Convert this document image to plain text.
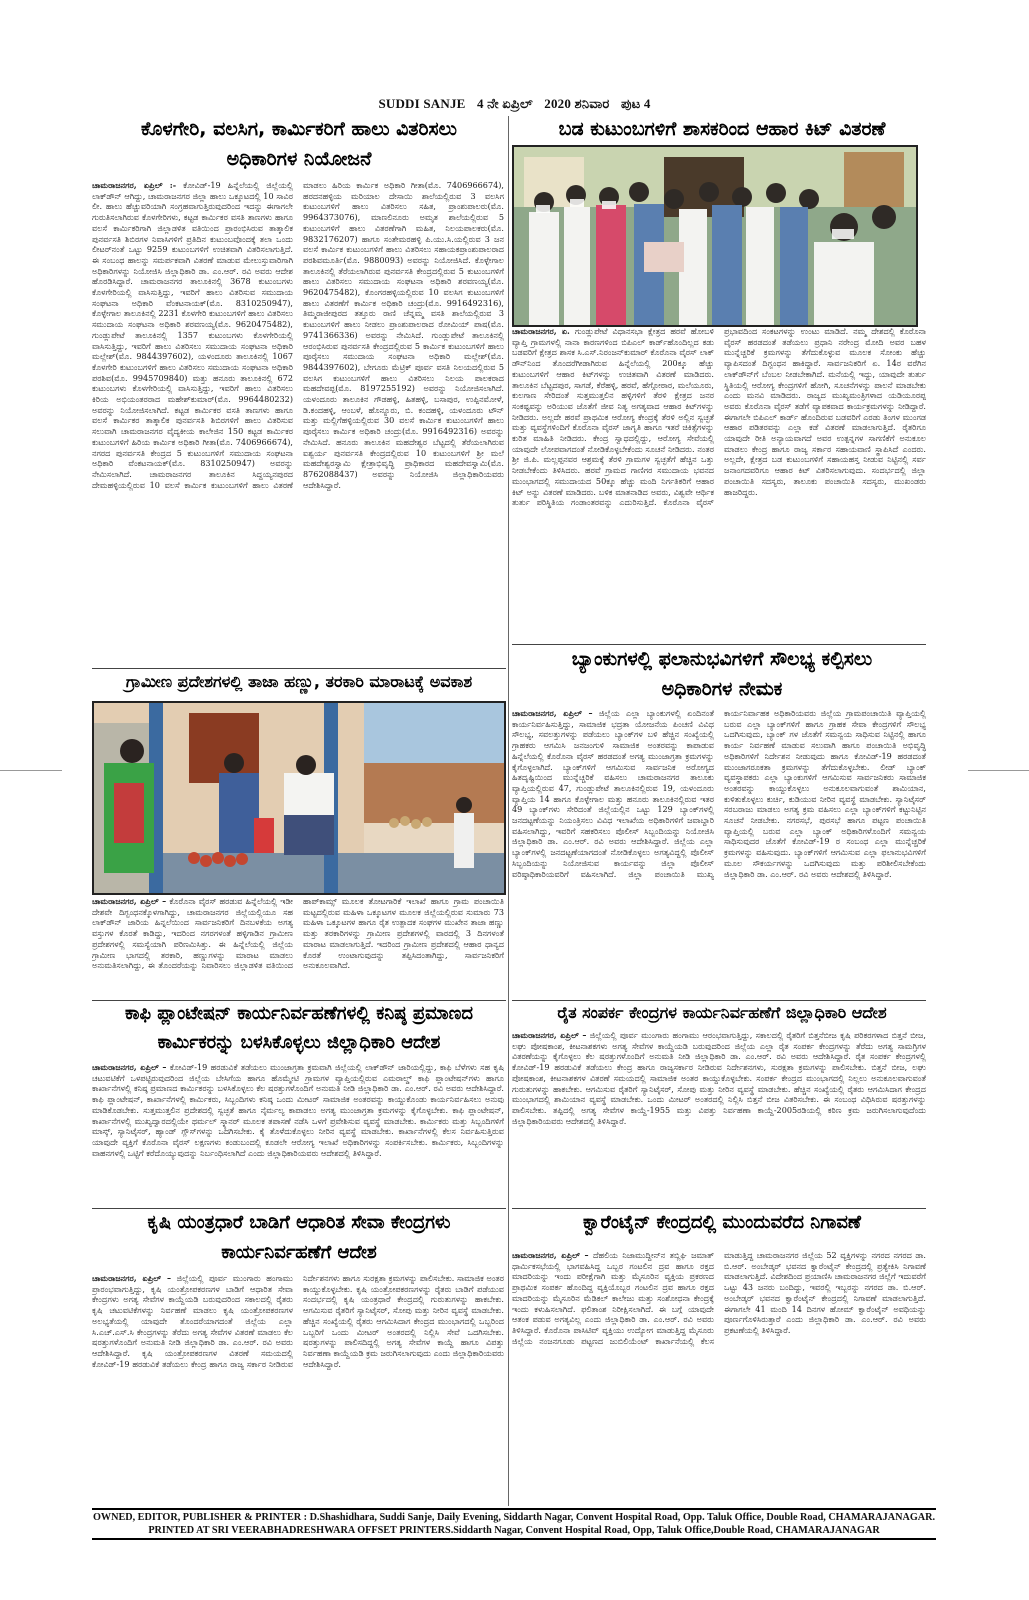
SUDDI SANJE 4 ನೇ ಏಪ್ರಿಲ್ 2020 ಶನಿವಾರ ಪುಟ 4
ಕೊಳಗೇರಿ, ವಲಸಿಗ, ಕಾರ್ಮಿಕರಿಗೆ ಹಾಲು ವಿತರಿಸಲು
ಅಧಿಕಾರಿಗಳ ನಿಯೋಜನೆ
ಚಾಮರಾಜನಗರ, ಏಪ್ರಿಲ್ :- ಕೋವಿಡ್-19 ಹಿನ್ನೆಲೆಯಲ್ಲಿ ಜಿಲ್ಲೆಯಲ್ಲಿ ಲಾಕ್‌ಡೌನ್ ಆಗಿದ್ದು, ಚಾಮರಾಜನಗರ ಜಿಲ್ಲಾ ಹಾಲು ಒಕ್ಕೂಟದಲ್ಲಿ 10 ಸಾವಿರ ಲೀ. ಹಾಲು ಹೆಚ್ಚುವರಿಯಾಗಿ ಸಂಗ್ರಹವಾಗುತ್ತಿರುವುದರಿಂದ ಇದನ್ನು ಈಗಾಗಲೇ ಗುರುತಿಸಲಾಗಿರುವ ಕೊಳಗೇರಿಗಳು, ಕಟ್ಟಡ ಕಾರ್ಮಿಕರ ವಸತಿ ತಾಣಗಳು ಹಾಗೂ ವಲಸೆ ಕಾರ್ಮಿಕರಿಗಾಗಿ ಜಿಲ್ಲಾಡಳಿತ ವತಿಯಿಂದ ಪ್ರಾರಂಭಿಸಿರುವ ತಾತ್ಕಾಲಿಕ ಪುನರ್ವಸತಿ ಶಿಬಿರಗಳ ನಿವಾಸಿಗಳಿಗೆ ಪ್ರತಿದಿನ ಕುಟುಂಬವೊಂದಕ್ಕೆ ತಲಾ ಒಂದು ಲೀಟರ್‌ನಂತೆ ಒಟ್ಟು 9259 ಕುಟುಂಬಗಳಿಗೆ ಉಚಿತವಾಗಿ ವಿತರಿಸಲಾಗುತ್ತಿದೆ. ಈ ಸಂಬಂಧ ಹಾಲನ್ನು ಸಮರ್ಪಕವಾಗಿ ವಿತರಣೆ ಮಾಡುವ ಮೇಲುಸ್ತುವಾರಿಗಾಗಿ ಅಧಿಕಾರಿಗಳನ್ನು ನಿಯೋಜಿಸಿ ಜಿಲ್ಲಾಧಿಕಾರಿ ಡಾ. ಎಂ.ಆರ್. ರವಿ ಅವರು ಆದೇಶ ಹೊರಡಿಸಿದ್ದಾರೆ. ಚಾಮರಾಜನಗರ ತಾಲೂಕಿನಲ್ಲಿ 3678 ಕುಟುಂಬಗಳು ಕೊಳಗೇರಿಯಲ್ಲಿ ವಾಸಿಸುತ್ತಿದ್ದು, ಇವರಿಗೆ ಹಾಲು ವಿತರಿಸುವ ಸಮುದಾಯ ಸಂಘಟನಾ ಅಧಿಕಾರಿ ವೆಂಕಟನಾಯಕ್(ಮೊ. 8310250947), ಕೊಳ್ಳೇಗಾಲ ತಾಲೂಕಿನಲ್ಲಿ 2231 ಕೊಳಗೇರಿ ಕುಟುಂಬಗಳಿಗೆ ಹಾಲು ವಿತರಿಸಲು ಸಮುದಾಯ ಸಂಘಟನಾ ಅಧಿಕಾರಿ ಶರವಣಯ್ಯ(ಮೊ. 9620475482), ಗುಂಡ್ಲುಪೇಟೆ ತಾಲೂಕಿನಲ್ಲಿ 1357 ಕುಟುಂಬಗಳು ಕೊಳಗೇರಿಯಲ್ಲಿ ವಾಸಿಸುತ್ತಿದ್ದು, ಇವರಿಗೆ ಹಾಲು ವಿತರಿಸಲು ಸಮುದಾಯ ಸಂಘಟನಾ ಅಧಿಕಾರಿ ಮಲ್ಲೇಶ್(ಮೊ. 9844397602), ಯಳಂದೂರು ತಾಲೂಕಿನಲ್ಲಿ 1067 ಕೊಳಗೇರಿ ಕುಟುಂಬಗಳಿಗೆ ಹಾಲು ವಿತರಿಸಲು ಸಮುದಾಯ ಸಂಘಟನಾ ಅಧಿಕಾರಿ ಪರಶಿವ(ಮೊ. 9945709840) ಮತ್ತು ಹನೂರು ತಾಲೂಕಿನಲ್ಲಿ 672 ಕುಟುಂಬಗಳು ಕೊಳಗೇರಿಯಲ್ಲಿ ವಾಸಿಸುತ್ತಿದ್ದು, ಇವರಿಗೆ ಹಾಲು ವಿತರಿಸಲು ಕಿರಿಯ ಅಭಿಯಂತರರಾದ ಮಹೇಶ್‌ಕುಮಾರ್(ಮೊ. 9964480232) ಅವರನ್ನು ನಿಯೋಜಿಸಲಾಗಿದೆ. ಕಟ್ಟಡ ಕಾರ್ಮಿಕರ ವಸತಿ ತಾಣಗಳು ಹಾಗೂ ವಲಸೆ ಕಾರ್ಮಿಕರ ತಾತ್ಕಾಲಿಕ ಪುನರ್ವಸತಿ ಶಿಬಿರಗಳಿಗೆ ಹಾಲು ವಿತರಿಸುವ ಸಲುವಾಗಿ ಚಾಮರಾಜನಗರ ವೈದ್ಯಕೀಯ ಕಾಲೇಜಿನ 150 ಕಟ್ಟಡ ಕಾರ್ಮಿಕರ ಕುಟುಂಬಗಳಿಗೆ ಹಿರಿಯ ಕಾರ್ಮಿಕ ಅಧಿಕಾರಿ ಗೀತಾ(ಮೊ. 7406966674), ನಗರದ ಪುನರ್ವಸತಿ ಕೇಂದ್ರದ 5 ಕುಟುಂಬಗಳಿಗೆ ಸಮುದಾಯ ಸಂಘಟನಾ ಅಧಿಕಾರಿ ವೆಂಕಟನಾಯಕ್(ಮೊ. 8310250947) ಅವರನ್ನು ನೇಮಿಸಲಾಗಿದೆ. ಚಾಮರಾಜನಗರ ತಾಲೂಕಿನ ಸಿದ್ದಯ್ಯನಪುರದ ದೇಮಹಳ್ಳಿಯಲ್ಲಿರುವ 10 ವಲಸೆ ಕಾರ್ಮಿಕ ಕುಟುಂಬಗಳಿಗೆ ಹಾಲು ವಿತರಣೆ ಮಾಡಲು ಹಿರಿಯ ಕಾರ್ಮಿಕ ಅಧಿಕಾರಿ ಗೀತಾ(ಮೊ. 7406966674), ಹರದನಹಳ್ಳಿಯ ಮರಿಯಾಲ ದೇಸಾಯಿ ಶಾಲೆಯಲ್ಲಿರುವ 3 ವಲಸಿಗ ಕುಟುಂಬಗಳಿಗೆ ಹಾಲು ವಿತರಿಸಲು ಸಹಿತ, ಪ್ರಾಂಶುಪಾಲರು(ಮೊ. 9964373076), ಮಾಣಲಿನೂರು ಅಮೃತ ಶಾಲೆಯಲ್ಲಿರುವ 5 ಕುಟುಂಬಗಳಿಗೆ ಹಾಲು ವಿತರಣೆಗಾಗಿ ಮಹಿತ, ನಿಲಯಪಾಲಕರು(ಮೊ. 9832176207) ಹಾಗೂ ಸಂತೇಮರಹಳ್ಳಿ ಪಿ.ಯು.ಸಿ.ಯಲ್ಲಿರುವ 3 ಜನ ವಲಸೆ ಕಾರ್ಮಿಕ ಕುಟುಂಬಗಳಿಗೆ ಹಾಲು ವಿತರಿಸಲು ಸಹಾಯಕಪ್ರಾಂಶುಪಾಲರಾದ ಪರಶಿವಮೂರ್ತಿ(ಮೊ. 9880093) ಅವರನ್ನು ನಿಯೋಜಿಸಿದೆ. ಕೊಳ್ಳೇಗಾಲ ತಾಲೂಕಿನಲ್ಲಿ ತೆರೆಯಲಾಗಿರುವ ಪುನರ್ವಸತಿ ಕೇಂದ್ರದಲ್ಲಿರುವ 5 ಕುಟುಂಬಗಳಿಗೆ ಹಾಲು ವಿತರಿಸಲು ಸಮುದಾಯ ಸಂಘಟನಾ ಅಧಿಕಾರಿ ಶರವಣಯ್ಯ(ಮೊ. 9620475482), ಕೊಂಗರಹಳ್ಳಿಯಲ್ಲಿರುವ 10 ವಲಸಿಗ ಕುಟುಂಬಗಳಿಗೆ ಹಾಲು ವಿತರಣೆಗೆ ಕಾರ್ಮಿಕ ಅಧಿಕಾರಿ ಚಂದ್ರು(ಮೊ. 9916492316), ತಿಮ್ಮರಾಜೀಪುರದ ತತ್ತೂರು ರಾಣಿ ಚೆನ್ನಮ್ಮ ವಸತಿ ಶಾಲೆಯಲ್ಲಿರುವ 3 ಕುಟುಂಬಗಳಿಗೆ ಹಾಲು ನೀಡಲು ಪ್ರಾಂಶುಪಾಲರಾದ ರೋಮಿಯ್ ಪಾಷ(ಮೊ. 9741366336) ಅವರನ್ನು ನೇಮಿಸಿದೆ. ಗುಂಡ್ಲುಪೇಟೆ ತಾಲೂಕಿನಲ್ಲಿ ಆರಂಭಿಸಿರುವ ಪುನರ್ವಸತಿ ಕೇಂದ್ರದಲ್ಲಿರುವ 5 ಕಾರ್ಮಿಕ ಕುಟುಂಬಗಳಿಗೆ ಹಾಲು ಪೂರೈಸಲು ಸಮುದಾಯ ಸಂಘಟನಾ ಅಧಿಕಾರಿ ಮಲ್ಲೇಶ್(ಮೊ. 9844397602), ಬೇಗೂರು ಮೆಟ್ರಿಕ್ ಪೂರ್ವ ವಸತಿ ನಿಲಯದಲ್ಲಿರುವ 5 ವಲಸಿಗ ಕುಟುಂಬಗಳಿಗೆ ಹಾಲು ವಿತರಿಸಲು ನಿಲಯ ಪಾಲಕರಾದ ಮಹದೇವಪ್ಪ(ಮೊ. 8197255192) ಅವರನ್ನು ನಿಯೋಜಿಸಲಾಗಿದೆ. ಯಳಂದೂರು ತಾಲೂಕಿನ ಗೌಡಹಳ್ಳಿ, ಹಿತಹಳ್ಳಿ, ಬಸಾಪುರ, ಉಪ್ಪಿನಮೋಳೆ, ಡಿ.ಕಂದಹಳ್ಳಿ, ಆಂಬಳೆ, ಹೊನ್ನೂರು, ಬಿ. ಕಂದಹಳ್ಳಿ, ಯಳಂದೂರು ಟೌನ್ ಮತ್ತು ಮಲ್ಲಿಗೆಹಳ್ಳಿಯಲ್ಲಿರುವ 30 ವಲಸೆ ಕಾರ್ಮಿಕ ಕುಟುಂಬಗಳಿಗೆ ಹಾಲು ಪೂರೈಸಲು ಕಾರ್ಮಿಕ ಅಧಿಕಾರಿ ಚಂದ್ರು(ಮೊ. 9916492316) ಅವರನ್ನು ನೇಮಿಸಿದೆ. ಹನೂರು ತಾಲೂಕಿನ ಮಹದೇಶ್ವರ ಬೆಟ್ಟದಲ್ಲಿ ತೆರೆಯಲಾಗಿರುವ ಐಶ್ವರ್ಯ ಪುನರ್ವಸತಿ ಕೇಂದ್ರದಲ್ಲಿರುವ 10 ಕುಟುಂಬಗಳಿಗೆ ಶ್ರೀ ಮಲೆ ಮಹದೇಶ್ವರಸ್ವಾಮಿ ಕ್ಷೇತ್ರಾಭಿವೃದ್ಧಿ ಪ್ರಾಧಿಕಾರದ ಮಹದೇವಸ್ವಾಮಿ(ಮೊ. 8762088437) ಅವರನ್ನು ನಿಯೋಜಿಸಿ ಜಿಲ್ಲಾಧಿಕಾರಿಯವರು ಆದೇಶಿಸಿದ್ದಾರೆ.
ಬಡ ಕುಟುಂಬಗಳಿಗೆ ಶಾಸಕರಿಂದ ಆಹಾರ ಕಿಟ್ ವಿತರಣೆ
ಚಾಮರಾಜನಗರ, ಏ. ಗುಂಡ್ಲುಪೇಟೆ ವಿಧಾನಸಭಾ ಕ್ಷೇತ್ರದ ಹರವೆ ಹೋಬಳಿ ವ್ಯಾಪ್ತಿ ಗ್ರಾಮಗಳಲ್ಲಿ ನಾನಾ ಕಾರಣಗಳಿಂದ ಬಿಪಿಎಲ್ ಕಾರ್ಡ್‌ಹೊಂದಿಲ್ಲದ ಕಡು ಬಡವರಿಗೆ ಕ್ಷೇತ್ರದ ಶಾಸಕ ಸಿ.ಎಸ್.ನಿರಂಜನ್‌ಕುಮಾರ್ ಕೊರೊನಾ ವೈರಸ್ ಲಾಕ್ ಡೌನ್‌ನಿಂದ ತೊಂದರೆಗೀಡಾಗಿರುವ ಹಿನ್ನೆಲೆಯಲ್ಲಿ 200ಕ್ಕೂ ಹೆಚ್ಚು ಕುಟುಂಬಗಳಿಗೆ ಆಹಾರ ಕಿಟ್‌ಗಳನ್ನು ಉಚಿತವಾಗಿ ವಿತರಣೆ ಮಾಡಿದರು. ತಾಲೂಕಿನ ಬೆಟ್ಟದಪುರ, ಸಾಗಡೆ, ಕೆರೆಹಳ್ಳಿ, ಹರವೆ, ಹೆಗ್ಗೋಠಾರ, ಮಲೆಯೂರು, ಕುಲಗಾಣ ಸೇರಿದಂತೆ ಸುತ್ತಮುತ್ತಲಿನ ಹಳ್ಳಿಗಳಿಗೆ ತೆರಳಿ ಕ್ಷೇತ್ರದ ಜನರ ಸಂಕಷ್ಟವನ್ನು ಅರಿಯುವ ಜೊತೆಗೆ ಜೀವ ನಿತ್ಯ ಅಗತ್ಯವಾದ ಆಹಾರ ಕಿಟ್‌ಗಳನ್ನು ನೀಡಿದರು. ಅಲ್ಲದೇ ಹರವೆ ಪ್ರಾಥಮಿಕ ಆರೋಗ್ಯ ಕೇಂದ್ರಕ್ಕೆ ತೆರಳಿ ಅಲ್ಲಿನ ಸ್ವಚ್ಛತೆ ಮತ್ತು ವ್ಯವಸ್ಥೆಗಳಿಂದಿಗೆ ಕೊರೊನಾ ವೈರಸ್ ಜಾಗೃತಿ ಹಾಗೂ ಇತರೆ ಚಿಕಿತ್ಸೆಗಳನ್ನು ಕುರಿತ ಮಾಹಿತಿ ನೀಡಿದರು. ಕೇಂದ್ರ ಸ್ವಾಧದಲ್ಲಿದ್ದು, ಆರೋಗ್ಯ ಸೇವೆಯಲ್ಲಿ ಯಾವುದೇ ಲೋಪವಾಗದಂತೆ ನೋಡಿಕೊಳ್ಳಬೇಕೆಂದು ಸೂಚನೆ ನೀಡಿದರು. ನಂತರ ಶ್ರೀ ಜಿ.ಪಿ. ಮಲ್ಲಪ್ಪನವರ ಆಶ್ರಮಕ್ಕೆ ತೆರಳಿ ಗ್ರಾಮಗಳ ಸ್ವಚ್ಛತೆಗೆ ಹೆಚ್ಚಿನ ಒತ್ತು ನೀಡಬೇಕೆಂದು ತಿಳಿಸಿದರು. ಹರವೆ ಗ್ರಾಮದ ಗಾಣಿಗರ ಸಮುದಾಯ ಭವನದ ಮುಂಭಾಗದಲ್ಲಿ ಸಮುದಾಯದ 50ಕ್ಕೂ ಹೆಚ್ಚು ಮಂದಿ ನಿರ್ಗತಿಕರಿಗೆ ಆಹಾರ ಕಿಟ್ ಅನ್ನು ವಿತರಣೆ ಮಾಡಿದರು. ಬಳಿಕ ಮಾತನಾಡಿದ ಅವರು, ವಿಶ್ವವೇ ಆರ್ಥಿಕ ತುರ್ತು ಪರಿಸ್ಥಿತಿಯ ಗಂಡಾಂತರವನ್ನು ಎದುರಿಸುತ್ತಿದೆ. ಕೊರೊನಾ ವೈರಸ್ ಪ್ರಭಾವದಿಂದ ಸಂಕಟಗಳನ್ನು ಉಂಟು ಮಾಡಿದೆ. ನಮ್ಮ ದೇಶದಲ್ಲಿ ಕೊರೊನಾ ವೈರಸ್ ಹರಡದಂತೆ ತಡೆಯಲು ಪ್ರಧಾನಿ ನರೇಂದ್ರ ಮೋದಿ ಅವರ ಬಹಳ ಮುನ್ನೆಚ್ಚರಿಕೆ ಕ್ರಮಗಳನ್ನು ತೆಗೆದುಕೊಳ್ಳುವ ಮೂಲಕ ಸೋಂಕು ಹೆಚ್ಚು ವ್ಯಾಪಿಸದಂತೆ ದಿಗ್ಬಂಧನ ಹಾಕಿದ್ದಾರೆ. ಸಾರ್ವಜನಿಕರಿಗೆ ಏ. 14ರ ವರೆಗಿನ ಲಾಕ್‌ಡೌನ್‌ಗೆ ಬೆಂಬಲ ನೀಡಬೇಕಾಗಿದೆ. ಮನೆಯಲ್ಲಿ ಇದ್ದು, ಯಾವುದೇ ತುರ್ತು ಸ್ಥಿತಿಯಲ್ಲಿ ಆರೋಗ್ಯ ಕೇಂದ್ರಗಳಿಗೆ ಹೋಗಿ, ಸೂಚನೆಗಳನ್ನು ಪಾಲನೆ ಮಾಡಬೇಕು ಎಂದು ಮನವಿ ಮಾಡಿದರು. ರಾಜ್ಯದ ಮುಖ್ಯಮಂತ್ರಿಗಳಾದ ಯಡಿಯೂರಪ್ಪ ಅವರು ಕೊರೊನಾ ವೈರಸ್ ತಡೆಗೆ ವ್ಯಾಪಕವಾದ ಕಾರ್ಯಕ್ರಮಗಳನ್ನು ನೀಡಿದ್ದಾರೆ. ಈಗಾಗಲೇ ಬಿಪಿಎಲ್ ಕಾರ್ಡ್ ಹೊಂದಿರುವ ಬಡವರಿಗೆ ಎರಡು ತಿಂಗಳ ಮುಂಗಡ ಆಹಾರ ಪಡಿತರವನ್ನು ಎಲ್ಲಾ ಕಡೆ ವಿತರಣೆ ಮಾಡಲಾಗುತ್ತಿದೆ. ರೈತರಿಗೂ ಯಾವುದೇ ರೀತಿ ಅನ್ಯಾಯವಾಗದೆ ಅವರ ಉತ್ಪನ್ನಗಳ ಸಾಗಣಿಕೆಗೆ ಅನುಕೂಲ ಮಾಡಲು ಕೇಂದ್ರ ಹಾಗೂ ರಾಜ್ಯ ಸರ್ಕಾರ ಸಹಾಯವಾಣಿ ಸ್ಥಾಪಿಸಿದೆ ಎಂದರು. ಅಲ್ಲದೇ, ಕ್ಷೇತ್ರದ ಬಡ ಕುಟುಂಬಗಳಿಗೆ ಸಹಾಯಹಸ್ತ ನೀಡುವ ನಿಟ್ಟಿನಲ್ಲಿ ಸರ್ವ ಜನಾಂಗದವರಿಗೂ ಆಹಾರ ಕಿಟ್ ವಿತರಿಸಲಾಗುವುದು. ಸಂದರ್ಭದಲ್ಲಿ ಜಿಲ್ಲಾ ಪಂಚಾಯಿತಿ ಸದಸ್ಯರು, ತಾಲೂಕು ಪಂಚಾಯಿತಿ ಸದಸ್ಯರು, ಮುಖಂಡರು ಹಾಜರಿದ್ದರು.
ಗ್ರಾಮೀಣ ಪ್ರದೇಶಗಳಲ್ಲಿ ತಾಜಾ ಹಣ್ಣು, ತರಕಾರಿ ಮಾರಾಟಕ್ಕೆ ಅವಕಾಶ
ಚಾಮರಾಜನಗರ, ಏಪ್ರಿಲ್ – ಕೊರೊನಾ ವೈರಸ್ ಹರಡುವ ಹಿನ್ನೆಲೆಯಲ್ಲಿ ಇಡೀ ದೇಶವೇ ದಿಗ್ಬಂಧನಕ್ಕೊಳಗಾಗಿದ್ದು, ಚಾಮರಾಜನಗರ ಜಿಲ್ಲೆಯಲ್ಲಿಯೂ ಸಹ ಲಾಕ್‌ಡೌನ್ ಜಾರಿಯ ಹಿನ್ನಲೆಯಿಂದ ಸಾರ್ವಜನಿಕರಿಗೆ ದಿನಬಳಕೆಯ ಅಗತ್ಯ ವಸ್ತುಗಳ ಕೊರತೆ ಕಾಡಿದ್ದು, ಇದರಿಂದ ನಗರಗಳಂತೆ ಹಳ್ಳಿಗಾಡಿನ ಗ್ರಾಮೀಣ ಪ್ರದೇಶಗಳಲ್ಲಿ ಸಮಸ್ಯೆಯಾಗಿ ಪರಿಣಮಿಸಿತ್ತು. ಈ ಹಿನ್ನೆಲೆಯಲ್ಲಿ ಜಿಲ್ಲೆಯ ಗ್ರಾಮೀಣ ಭಾಗದಲ್ಲಿ ತರಕಾರಿ, ಹಣ್ಣುಗಳನ್ನು ಮಾರಾಟ ಮಾಡಲು ಅನುಮತಿಸಲಾಗಿದ್ದು, ಈ ತೊಂದರೆಯನ್ನು ನಿವಾರಿಸಲು ಜಿಲ್ಲಾಡಳಿತ ವತಿಯಿಂದ ಹಾಪ್‌ಕಾಮ್ಸ್ ಮೂಲಕ ತೋಟಗಾರಿಕೆ ಇಲಾಖೆ ಹಾಗೂ ಗ್ರಾಮ ಪಂಚಾಯಿತಿ ಮಟ್ಟದಲ್ಲಿರುವ ಮಹಿಳಾ ಒಕ್ಕೂಟಗಳ ಮೂಲಕ ಜಿಲ್ಲೆಯಲ್ಲಿರುವ ಸುಮಾರು 73 ಮಹಿಳಾ ಒಕ್ಕೂಟಗಳ ಹಾಗೂ ರೈತ ಉತ್ಪಾದಕ ಸಂಘಗಳ ಮುಖೇನ ತಾಜಾ ಹಣ್ಣು ಮತ್ತು ತರಕಾರಿಗಳನ್ನು ಗ್ರಾಮೀಣ ಪ್ರದೇಶಗಳಲ್ಲಿ ವಾರದಲ್ಲಿ 3 ದಿನಗಳಂತೆ ಮಾರಾಟ ಮಾಡಲಾಗುತ್ತಿದೆ. ಇದರಿಂದ ಗ್ರಾಮೀಣ ಪ್ರದೇಶದಲ್ಲಿ ಆಹಾರ ಧಾನ್ಯದ ಕೊರತೆ ಉಂಟಾಗುವುದನ್ನು ತಪ್ಪಿಸಿದಂತಾಗಿದ್ದು, ಸಾರ್ವಜನಿಕರಿಗೆ ಅನುಕೂಲವಾಗಿದೆ.
ಬ್ಯಾಂಕುಗಳಲ್ಲಿ ಫಲಾನುಭವಿಗಳಿಗೆ ಸೌಲಭ್ಯ ಕಲ್ಪಿಸಲು
ಅಧಿಕಾರಿಗಳ ನೇಮಕ
ಚಾಮರಾಜನಗರ, ಏಪ್ರಿಲ್ – ಜಿಲ್ಲೆಯ ಎಲ್ಲಾ ಬ್ಯಾಂಕುಗಳಲ್ಲಿ ಏಂದಿನಂತೆ ಕಾರ್ಯನಿರ್ವಹಿಸುತ್ತಿದ್ದು, ಸಾಮಾಜಿಕ ಭದ್ರತಾ ಯೋಜನೆಯ ಪಿಂಚಣಿ ವಿವಿಧ ಸೌಲಭ್ಯ, ಸವಲತ್ತುಗಳನ್ನು ಪಡೆಯಲು ಬ್ಯಾಂಕ್‌ಗಳ ಬಳಿ ಹೆಚ್ಚಿನ ಸಂಖ್ಯೆಯಲ್ಲಿ ಗ್ರಾಹಕರು ಆಗಮಿಸಿ ಜನಜಂಗುಳಿ ಸಾಮಾಜಿಕ ಅಂತರವನ್ನು ಕಾಪಾಡುವ ಹಿನ್ನೆಲೆಯಲ್ಲಿ ಕೊರೊನಾ ವೈರಸ್ ಹರಡದಂತೆ ಅಗತ್ಯ ಮುಂಜಾಗ್ರತಾ ಕ್ರಮಗಳನ್ನು ಕೈಗೊಳ್ಳಲಾಗಿದೆ. ಬ್ಯಾಂಕ್‌ಗಳಿಗೆ ಆಗಮಿಸುವ ಸಾರ್ವಜನಿಕ ಅರೋಗ್ಯದ ಹಿತದೃಷ್ಟಿಯಿಂದ ಮುನ್ನೆಚ್ಚರಿಕೆ ವಹಿಸಲು ಚಾಮರಾಜನಗರ ತಾಲೂಕು ವ್ಯಾಪ್ತಿಯಲ್ಲಿರುವ 47, ಗುಂಡ್ಲುಪೇಟೆ ತಾಲೂಕಿನಲ್ಲಿರುವ 19, ಯಳಂದೂರು ವ್ಯಾಪ್ತಿಯ 14 ಹಾಗೂ ಕೊಳ್ಳೇಗಾಲ ಮತ್ತು ಹನೂರು ತಾಲೂಕಿನಲ್ಲಿರುವ ಇತರ 49 ಬ್ಯಾಂಕ್‌ಗಳು ಸೇರಿದಂತೆ ಜಿಲ್ಲೆಯಲ್ಲಿನ ಒಟ್ಟು 129 ಬ್ಯಾಂಕ್‌ಗಳಲ್ಲಿ ಜನದಟ್ಟಣೆಯನ್ನು ನಿಯಂತ್ರಿಸಲು ವಿವಿಧ ಇಲಾಖೆಯ ಅಧಿಕಾರಿಗಳಿಗೆ ಜವಾಬ್ದಾರಿ ವಹಿಸಲಾಗಿದ್ದು, ಇವರಿಗೆ ಸಹಕರಿಸಲು ಪೊಲೀಸ್ ಸಿಬ್ಬಂದಿಯನ್ನು ನಿಯೋಜಿಸಿ ಜಿಲ್ಲಾಧಿಕಾರಿ ಡಾ. ಎಂ.ಆರ್. ರವಿ ಅವರು ಆದೇಶಿಸಿದ್ದಾರೆ. ಜಿಲ್ಲೆಯ ಎಲ್ಲಾ ಬ್ಯಾಂಕ್‌ಗಳಲ್ಲಿ ಜನದಟ್ಟಣೆಯಾಗದಂತೆ ನೋಡಿಕೊಳ್ಳಲು ಅಗತ್ಯವಿದ್ದಲ್ಲಿ ಪೊಲೀಸ್ ಸಿಬ್ಬಂದಿಯನ್ನು ನಿಯೋಜಿಸುವ ಕಾರ್ಯವನ್ನು ಜಿಲ್ಲಾ ಪೊಲೀಸ್ ವರಿಷ್ಠಾಧಿಕಾರಿಯವರಿಗೆ ವಹಿಸಲಾಗಿದೆ. ಜಿಲ್ಲಾ ಪಂಚಾಯಿತಿ ಮುಖ್ಯ ಕಾರ್ಯನಿರ್ವಾಹಕ ಅಧಿಕಾರಿಯವರು ಜಿಲ್ಲೆಯ ಗ್ರಾಮಪಂಚಾಯಿತಿ ವ್ಯಾಪ್ತಿಯಲ್ಲಿ ಬರುವ ಎಲ್ಲಾ ಬ್ಯಾಂಕ್‌ಗಳಿಗೆ ಹಾಗೂ ಗ್ರಾಹಕ ಸೇವಾ ಕೇಂದ್ರಗಳಿಗೆ ಸೌಲಭ್ಯ ಒದಗಿಸುವುದು, ಬ್ಯಾಂಕ್ ಗಳ ಜೊತೆಗೆ ಸಮನ್ವಯ ಸಾಧಿಸುವ ನಿಟ್ಟಿನಲ್ಲಿ ಹಾಗೂ ಕಾರ್ಯ ನಿರ್ವಹಣೆ ಮಾಡುವ ಸಲುವಾಗಿ ಹಾಗೂ ಪಂಚಾಯಿತಿ ಅಭಿವೃದ್ಧಿ ಅಧಿಕಾರಿಗಳಿಗೆ ನಿರ್ದೇಶನ ನೀಡುವುದು ಹಾಗೂ ಕೋವಿಡ್-19 ಹರಡದಂತೆ ಮುಂಜಾಗರೂಕತಾ ಕ್ರಮಗಳನ್ನು ತೆಗೆದುಕೊಳ್ಳಬೇಕು. ಲೀಡ್ ಬ್ಯಾಂಕ್ ವ್ಯವಸ್ಥಾಪಕರು ಎಲ್ಲಾ ಬ್ಯಾಂಕುಗಳಿಗೆ ಆಗಮಿಸುವ ಸಾರ್ವಜನಿಕರು ಸಾಮಾಜಿಕ ಅಂತರವನ್ನು ಕಾಯ್ದುಕೊಳ್ಳಲು ಅನುಕೂಲವಾಗುವಂತೆ ಶಾಮಿಯಾನ, ಕುಳಿತುಕೊಳ್ಳಲು ಕುರ್ಚಿ, ಕುಡಿಯುವ ನೀರಿನ ವ್ಯವಸ್ಥೆ ಮಾಡಬೇಕು. ಸ್ಯಾನಿಟೈಸರ್ ಸರಬರಾಜು ಮಾಡಲು ಅಗತ್ಯ ಕ್ರಮ ವಹಿಸಲು ಎಲ್ಲಾ ಬ್ಯಾಂಕ್‌ಗಳಿಗೆ ಕಟ್ಟುನಿಟ್ಟಿನ ಸೂಚನೆ ನೀಡಬೇಕು. ನಗರಸಭೆ, ಪುರಸಭೆ ಹಾಗೂ ಪಟ್ಟಣ ಪಂಚಾಯಿತಿ ವ್ಯಾಪ್ತಿಯಲ್ಲಿ ಬರುವ ಎಲ್ಲಾ ಬ್ಯಾಂಕ್ ಅಧಿಕಾರಿಗಳೊಂದಿಗೆ ಸಮನ್ವಯ ಸಾಧಿಸುವುದರ ಜೊತೆಗೆ ಕೋವಿಡ್-19 ರ ಸಂಬಂಧ ಎಲ್ಲಾ ಮುನ್ನೆಚ್ಚರಿಕೆ ಕ್ರಮಗಳನ್ನು ವಹಿಸುವುದು. ಬ್ಯಾಂಕ್‌ಗಳಿಗೆ ಆಗಮಿಸುವ ಎಲ್ಲಾ ಫಲಾನುಭವಿಗಳಿಗೆ ಮೂಲ ಸೌಕರ್ಯಗಳನ್ನು ಒದಗಿಸುವುದು ಮತ್ತು ಪರಿಶೀಲಿಸಬೇಕೆಂದು ಜಿಲ್ಲಾಧಿಕಾರಿ ಡಾ. ಎಂ.ಆರ್. ರವಿ ಅವರು ಆದೇಶದಲ್ಲಿ ತಿಳಿಸಿದ್ದಾರೆ.
ಕಾಫಿ ಪ್ಲಾಂಟೇಷನ್ ಕಾರ್ಯನಿರ್ವಹಣೆಗಳಲ್ಲಿ ಕನಿಷ್ಠ ಪ್ರಮಾಣದ
ಕಾರ್ಮಿಕರನ್ನು ಬಳಸಿಕೊಳ್ಳಲು ಜಿಲ್ಲಾಧಿಕಾರಿ ಆದೇಶ
ಚಾಮರಾಜನಗರ, ಏಪ್ರಿಲ್ – ಕೋವಿಡ್-19 ಹರಡುವಿಕೆ ತಡೆಯಲು ಮುಂಜಾಗ್ರತಾ ಕ್ರಮವಾಗಿ ಜಿಲ್ಲೆಯಲ್ಲಿ ಲಾಕ್‌ಡೌನ್ ಜಾರಿಯಲ್ಲಿದ್ದು, ಕಾಫಿ ಬೆಳೆಗಳು ಸಹ ಕೃಷಿ ಚಟುವಟಿಕೆಗೆ ಒಳಪಟ್ಟಿರುವುದರಿಂದ ಜಿಲ್ಲೆಯ ಬೇಸಿಗೆಯ ಹಾಗೂ ಹೊಮ್ಮೇಟಿ ಗ್ರಾಮಗಳ ವ್ಯಾಪ್ತಿಯಲ್ಲಿರುವ ಎಮರಾಲ್ಡ್ ಕಾಫಿ ಪ್ಲಾಂಟೇಷನ್‌ಗಳು ಹಾಗೂ ಕಾರ್ಖಾನೆಗಳಲ್ಲಿ ಕನಿಷ್ಠ ಪ್ರಮಾಣದ ಕಾರ್ಮಿಕರನ್ನು ಬಳಸಿಕೊಳ್ಳಲು ಕೆಲ ಷರತ್ತುಗಳೊಂದಿಗೆ ಅನುಮತಿ ನೀಡಿ ಜಿಲ್ಲಾಧಿಕಾರಿ ಡಾ. ಎಂ.ಆರ್. ರವಿ ಅವರು ಆದೇಶಿಸಿದ್ದಾರೆ. ಕಾಫಿ ಪ್ಲಾಂಟೇಷನ್, ಕಾರ್ಖಾನೆಗಳಲ್ಲಿ ಕಾರ್ಮಿಕರು, ಸಿಬ್ಬಂದಿಗಳು ಕನಿಷ್ಠ ಒಂದು ಮೀಟರ್ ಸಾಮಾಜಿಕ ಅಂತರವನ್ನು ಕಾಯ್ದುಕೊಂಡು ಕಾರ್ಯನಿರ್ವಹಿಸಲು ಅನುವು ಮಾಡಿಕೊಡಬೇಕು. ಸುತ್ತಮುತ್ತಲಿನ ಪ್ರದೇಶದಲ್ಲಿ ಸ್ವಚ್ಛತೆ ಹಾಗೂ ನೈರ್ಮಲ್ಯ ಕಾಪಾಡಲು ಅಗತ್ಯ ಮುಂಜಾಗ್ರತಾ ಕ್ರಮಗಳನ್ನು ಕೈಗೊಳ್ಳಬೇಕು. ಕಾಫಿ ಪ್ಲಾಂಟೇಷನ್, ಕಾರ್ಖಾನೆಗಳಲ್ಲಿ ಮುಖ್ಯದ್ವಾರದಲ್ಲಿಯೇ ಥರ್ಮಲ್ ಸ್ಕ್ಯಾನರ್ ಮೂಲಕ ತಪಾಸಣೆ ನಡೆಸಿ ಒಳಗೆ ಪ್ರವೇಶಿಸುವ ವ್ಯವಸ್ಥೆ ಮಾಡಬೇಕು. ಕಾರ್ಮಿಕರು ಮತ್ತು ಸಿಬ್ಬಂದಿಗಳಿಗೆ ಮಾಸ್ಕ್, ಸ್ಯಾನಿಟೈಸರ್, ಹ್ಯಾಂಡ್ ಗ್ಲೌಸ್‌ಗಳನ್ನು ಒದಗಿಸಬೇಕು. ಕೈ ತೊಳೆದುಕೊಳ್ಳಲು ನೀರಿನ ವ್ಯವಸ್ಥೆ ಮಾಡಬೇಕು. ಕಾರ್ಖಾನೆಗಳಲ್ಲಿ ಕೆಲಸ ನಿರ್ವಹಿಸುತ್ತಿರುವ ಯಾವುದೇ ವ್ಯಕ್ತಿಗೆ ಕೊರೊನಾ ವೈರಸ್ ಲಕ್ಷಣಗಳು ಕಂಡುಬಂದಲ್ಲಿ ಕೂಡಲೇ ಆರೋಗ್ಯ ಇಲಾಖೆ ಅಧಿಕಾರಿಗಳನ್ನು ಸಂಪರ್ಕಿಸಬೇಕು. ಕಾರ್ಮಿಕರು, ಸಿಬ್ಬಂದಿಗಳನ್ನು ವಾಹನಗಳಲ್ಲಿ ಒಟ್ಟಿಗೆ ಕರೆದೊಯ್ಯುವುದನ್ನು ನಿರ್ಬಂಧಿಸಲಾಗಿದೆ ಎಂದು ಜಿಲ್ಲಾಧಿಕಾರಿಯವರು ಆದೇಶದಲ್ಲಿ ತಿಳಿಸಿದ್ದಾರೆ.
ರೈತ ಸಂಪರ್ಕ ಕೇಂದ್ರಗಳ ಕಾರ್ಯನಿರ್ವಹಣೆಗೆ ಜಿಲ್ಲಾಧಿಕಾರಿ ಆದೇಶ
ಚಾಮರಾಜನಗರ, ಏಪ್ರಿಲ್ – ಜಿಲ್ಲೆಯಲ್ಲಿ ಪೂರ್ವ ಮುಂಗಾರು ಹಂಗಾಮು ಆರಂಭವಾಗುತ್ತಿದ್ದು, ಸಕಾಲದಲ್ಲಿ ರೈತರಿಗೆ ಬಿತ್ತನೆಬೀಜ ಕೃಷಿ ಪರಿಕರಗಳಾದ ಬಿತ್ತನೆ ಬೀಜ, ಲಘು ಪೋಷಕಾಂಶ, ಕೀಟನಾಶಕಗಳು ಅಗತ್ಯ ಸೇವೆಗಳ ಕಾಯ್ದೆಯಡಿ ಬರುವುದರಿಂದ ಜಿಲ್ಲೆಯ ಎಲ್ಲಾ ರೈತ ಸಂಪರ್ಕ ಕೇಂದ್ರಗಳನ್ನು ತೆರೆದು ಅಗತ್ಯ ಸಾಮಗ್ರಿಗಳ ವಿತರಣೆಯನ್ನು ಕೈಗೊಳ್ಳಲು ಕೆಲ ಷರತ್ತುಗಳೊಂದಿಗೆ ಅನುಮತಿ ನೀಡಿ ಜಿಲ್ಲಾಧಿಕಾರಿ ಡಾ. ಎಂ.ಆರ್. ರವಿ ಅವರು ಆದೇಶಿಸಿದ್ದಾರೆ. ರೈತ ಸಂಪರ್ಕ ಕೇಂದ್ರಗಳಲ್ಲಿ ಕೋವಿಡ್-19 ಹರಡುವಿಕೆ ತಡೆಯಲು ಕೇಂದ್ರ ಹಾಗೂ ರಾಜ್ಯಸರ್ಕಾರ ನೀಡಿರುವ ನಿರ್ದೇಶನಗಳು, ಸುರಕ್ಷತಾ ಕ್ರಮಗಳನ್ನು ಪಾಲಿಸಬೇಕು. ಬಿತ್ತನೆ ಬೀಜ, ಲಘು ಪೋಷಕಾಂಶ, ಕೀಟನಾಶಕಗಳ ವಿತರಣೆ ಸಮಯದಲ್ಲಿ ಸಾಮಾಜಿಕ ಅಂತರ ಕಾಯ್ದುಕೊಳ್ಳಬೇಕು. ಸಂಪರ್ಕ ಕೇಂದ್ರದ ಮುಂಭಾಗದಲ್ಲಿ ನಿಲ್ಲಲು ಅನುಕೂಲವಾಗುವಂತೆ ಗುರುತುಗಳನ್ನು ಹಾಕಬೇಕು. ಆಗಮಿಸುವ ರೈತರಿಗೆ ಸ್ಯಾನಿಟೈಸರ್, ಸೋಪು ಮತ್ತು ನೀರಿನ ವ್ಯವಸ್ಥೆ ಮಾಡಬೇಕು. ಹೆಚ್ಚಿನ ಸಂಖ್ಯೆಯಲ್ಲಿ ರೈತರು ಆಗಮಿಸಿದಾಗ ಕೇಂದ್ರದ ಮುಂಭಾಗದಲ್ಲಿ ಶಾಮಿಯಾನ ವ್ಯವಸ್ಥೆ ಮಾಡಬೇಕು. ಒಂದು ಮೀಟರ್ ಅಂತರದಲ್ಲಿ ನಿಲ್ಲಿಸಿ ಬಿತ್ತನೆ ಬೀಜ ವಿತರಿಸಬೇಕು. ಈ ಸಂಬಂಧ ವಿಧಿಸಿರುವ ಷರತ್ತುಗಳನ್ನು ಪಾಲಿಸಬೇಕು. ತಪ್ಪಿದಲ್ಲಿ ಅಗತ್ಯ ಸೇವೆಗಳ ಕಾಯ್ದೆ-1955 ಮತ್ತು ವಿಪತ್ತು ನಿರ್ವಹಣಾ ಕಾಯ್ದೆ-2005ರಡಿಯಲ್ಲಿ ಕಠಿಣ ಕ್ರಮ ಜರುಗಿಸಲಾಗುವುದೆಂದು ಜಿಲ್ಲಾಧಿಕಾರಿಯವರು ಆದೇಶದಲ್ಲಿ ತಿಳಿಸಿದ್ದಾರೆ.
ಕೃಷಿ ಯಂತ್ರಧಾರೆ ಬಾಡಿಗೆ ಆಧಾರಿತ ಸೇವಾ ಕೇಂದ್ರಗಳು
ಕಾರ್ಯನಿರ್ವಹಣೆಗೆ ಆದೇಶ
ಚಾಮರಾಜನಗರ, ಏಪ್ರಿಲ್ – ಜಿಲ್ಲೆಯಲ್ಲಿ ಪೂರ್ವ ಮುಂಗಾರು ಹಂಗಾಮು ಪ್ರಾರಂಭವಾಗುತ್ತಿದ್ದು, ಕೃಷಿ ಯಂತ್ರೋಪಕರಣಗಳ ಬಾಡಿಗೆ ಆಧಾರಿತ ಸೇವಾ ಕೇಂದ್ರಗಳು ಅಗತ್ಯ ಸೇವೆಗಳ ಕಾಯ್ದೆಯಡಿ ಬರುವುದರಿಂದ ಸಕಾಲದಲ್ಲಿ ರೈತರು ಕೃಷಿ ಚಟುವಟಿಕೆಗಳನ್ನು ನಿರ್ವಹಣೆ ಮಾಡಲು ಕೃಷಿ ಯಂತ್ರೋಪಕರಣಗಳ ಅಲಭ್ಯತೆಯಲ್ಲಿ ಯಾವುದೇ ತೊಂದರೆಯಾಗದಂತೆ ಜಿಲ್ಲೆಯ ಎಲ್ಲಾ ಸಿ.ಎಚ್.ಎಸ್.ಸಿ ಕೇಂದ್ರಗಳನ್ನು ತೆರೆದು ಅಗತ್ಯ ಸೇವೆಗಳ ವಿತರಣೆ ಮಾಡಲು ಕೆಲ ಷರತ್ತುಗಳೊಂದಿಗೆ ಅನುಮತಿ ನೀಡಿ ಜಿಲ್ಲಾಧಿಕಾರಿ ಡಾ. ಎಂ.ಆರ್. ರವಿ ಅವರು ಆದೇಶಿಸಿದ್ದಾರೆ. ಕೃಷಿ ಯಂತ್ರೋಪಕರಣಗಳ ವಿತರಣೆ ಸಮಯದಲ್ಲಿ ಕೋವಿಡ್-19 ಹರಡುವಿಕೆ ತಡೆಯಲು ಕೇಂದ್ರ ಹಾಗೂ ರಾಜ್ಯ ಸರ್ಕಾರ ನೀಡಿರುವ ನಿರ್ದೇಶನಗಳು ಹಾಗೂ ಸುರಕ್ಷತಾ ಕ್ರಮಗಳನ್ನು ಪಾಲಿಸಬೇಕು. ಸಾಮಾಜಿಕ ಅಂತರ ಕಾಯ್ದುಕೊಳ್ಳಬೇಕು. ಕೃಷಿ ಯಂತ್ರೋಪಕರಣಗಳನ್ನು ರೈತರು ಬಾಡಿಗೆ ಪಡೆಯುವ ಸಂದರ್ಭದಲ್ಲಿ ಕೃಷಿ ಯಂತ್ರಧಾರೆ ಕೇಂದ್ರದಲ್ಲಿ ಗುರುತುಗಳನ್ನು ಹಾಕಬೇಕು. ಆಗಮಿಸುವ ರೈತರಿಗೆ ಸ್ಯಾನಿಟೈಸರ್, ಸೋಪು ಮತ್ತು ನೀರಿನ ವ್ಯವಸ್ಥೆ ಮಾಡಬೇಕು. ಹೆಚ್ಚಿನ ಸಂಖ್ಯೆಯಲ್ಲಿ ರೈತರು ಆಗಮಿಸಿದಾಗ ಕೇಂದ್ರದ ಮುಂಭಾಗದಲ್ಲಿ ಒಬ್ಬರಿಂದ ಒಬ್ಬರಿಗೆ ಒಂದು ಮೀಟರ್ ಅಂತರದಲ್ಲಿ ನಿಲ್ಲಿಸಿ ಸೇವೆ ಒದಗಿಸಬೇಕು. ಷರತ್ತುಗಳನ್ನು ಪಾಲಿಸದಿದ್ದಲ್ಲಿ ಅಗತ್ಯ ಸೇವೆಗಳ ಕಾಯ್ದೆ ಹಾಗೂ ವಿಪತ್ತು ನಿರ್ವಹಣಾ ಕಾಯ್ದೆಯಡಿ ಕ್ರಮ ಜರುಗಿಸಲಾಗುವುದು ಎಂದು ಜಿಲ್ಲಾಧಿಕಾರಿಯವರು ಆದೇಶಿಸಿದ್ದಾರೆ.
ಕ್ವಾರೆಂಟೈನ್ ಕೇಂದ್ರದಲ್ಲಿ ಮುಂದುವರೆದ ನಿಗಾವಣೆ
ಚಾಮರಾಜನಗರ, ಏಪ್ರಿಲ್ – ದೆಹಲಿಯ ನಿಜಾಮುದ್ದೀನ್‌ನ ತಬ್ಲಿಘಿ ಜಮಾತ್ ಧಾರ್ಮಿಕಸಭೆಯಲ್ಲಿ ಭಾಗವಹಿಸಿದ್ದ ಒಬ್ಬರ ಗಂಟಲಿನ ದ್ರವ ಹಾಗೂ ರಕ್ತದ ಮಾದರಿಯನ್ನು ಇಂದು ಪರೀಕ್ಷೆಗಾಗಿ ಮತ್ತು ಮೈಸೂರಿನ ವ್ಯಕ್ತಿಯ ಪ್ರಕರಣದ ಪ್ರಾಥಮಿಕ ಸಂಪರ್ಕ ಹೊಂದಿದ್ದ ವ್ಯಕ್ತಿಯೊಬ್ಬರ ಗಂಟಲಿನ ದ್ರವ ಹಾಗೂ ರಕ್ತದ ಮಾದರಿಯನ್ನು ಮೈಸೂರಿನ ಮೆಡಿಕಲ್ ಕಾಲೇಜು ಮತ್ತು ಸಂಶೋಧನಾ ಕೇಂದ್ರಕ್ಕೆ ಇಂದು ಕಳುಹಿಸಲಾಗಿದೆ. ಫಲಿತಾಂಶ ನಿರೀಕ್ಷಿಸಲಾಗಿದೆ. ಈ ಬಗ್ಗೆ ಯಾವುದೇ ಆತಂಕ ಪಡುವ ಅಗತ್ಯವಿಲ್ಲ ಎಂದು ಜಿಲ್ಲಾಧಿಕಾರಿ ಡಾ. ಎಂ.ಆರ್. ರವಿ ಅವರು ತಿಳಿಸಿದ್ದಾರೆ. ಕೊರೊನಾ ಪಾಸಿಟಿವ್ ವ್ಯಕ್ತಿಯು ಉದ್ಯೋಗ ಮಾಡುತ್ತಿದ್ದ ಮೈಸೂರು ಜಿಲ್ಲೆಯ ನಂಜನಗೂಡು ಪಟ್ಟಣದ ಜುಬಿಲಿಯೆಂಟ್ ಕಾರ್ಖಾನೆಯಲ್ಲಿ ಕೆಲಸ ಮಾಡುತ್ತಿದ್ದ ಚಾಮರಾಜನಗರ ಜಿಲ್ಲೆಯ 52 ವ್ಯಕ್ತಿಗಳನ್ನು ನಗರದ ನಗರದ ಡಾ. ಬಿ.ಆರ್. ಅಂಬೇಡ್ಕರ್ ಭವನದ ಕ್ವಾರೆಂಟೈನ್ ಕೇಂದ್ರದಲ್ಲಿ ಪ್ರತ್ಯೇಕಿಸಿ ನಿಗಾವಣೆ ಮಾಡಲಾಗುತ್ತಿದೆ. ವಿದೇಶದಿಂದ ಪ್ರಯಾಣಿಸಿ ಚಾಮರಾಜನಗರ ಜಿಲ್ಲೆಗೆ ಇದುವರೆಗೆ ಒಟ್ಟು 43 ಜನರು ಬಂದಿದ್ದು, ಇವರಲ್ಲಿ ಇಬ್ಬರನ್ನು ನಗರದ ಡಾ. ಬಿ.ಆರ್. ಅಂಬೇಡ್ಕರ್ ಭವನದ ಕ್ವಾರೆಂಟೈನ್ ಕೇಂದ್ರದಲ್ಲಿ ನಿಗಾವಣೆ ಮಾಡಲಾಗುತ್ತಿದೆ. ಈಗಾಗಲೇ 41 ಮಂದಿ 14 ದಿನಗಳ ಹೋಮ್ ಕ್ವಾರೆಂಟೈನ್ ಅವಧಿಯನ್ನು ಪೂರ್ಣಗೊಳಿಸಿರುತ್ತಾರೆ ಎಂದು ಜಿಲ್ಲಾಧಿಕಾರಿ ಡಾ. ಎಂ.ಆರ್. ರವಿ ಅವರು ಪ್ರಕಟಣೆಯಲ್ಲಿ ತಿಳಿಸಿದ್ದಾರೆ.
OWNED, EDITOR, PUBLISHER & PRINTER : D.Shashidhara, Suddi Sanje, Daily Evening, Siddarth Nagar, Convent Hospital Road, Opp. Taluk Office, Double Road, CHAMARAJANAGAR.
PRINTED AT SRI VEERABHADRESHWARA OFFSET PRINTERS.Siddarth Nagar, Convent Hospital Road, Opp, Taluk Office,Double Road, CHAMARAJANAGAR
